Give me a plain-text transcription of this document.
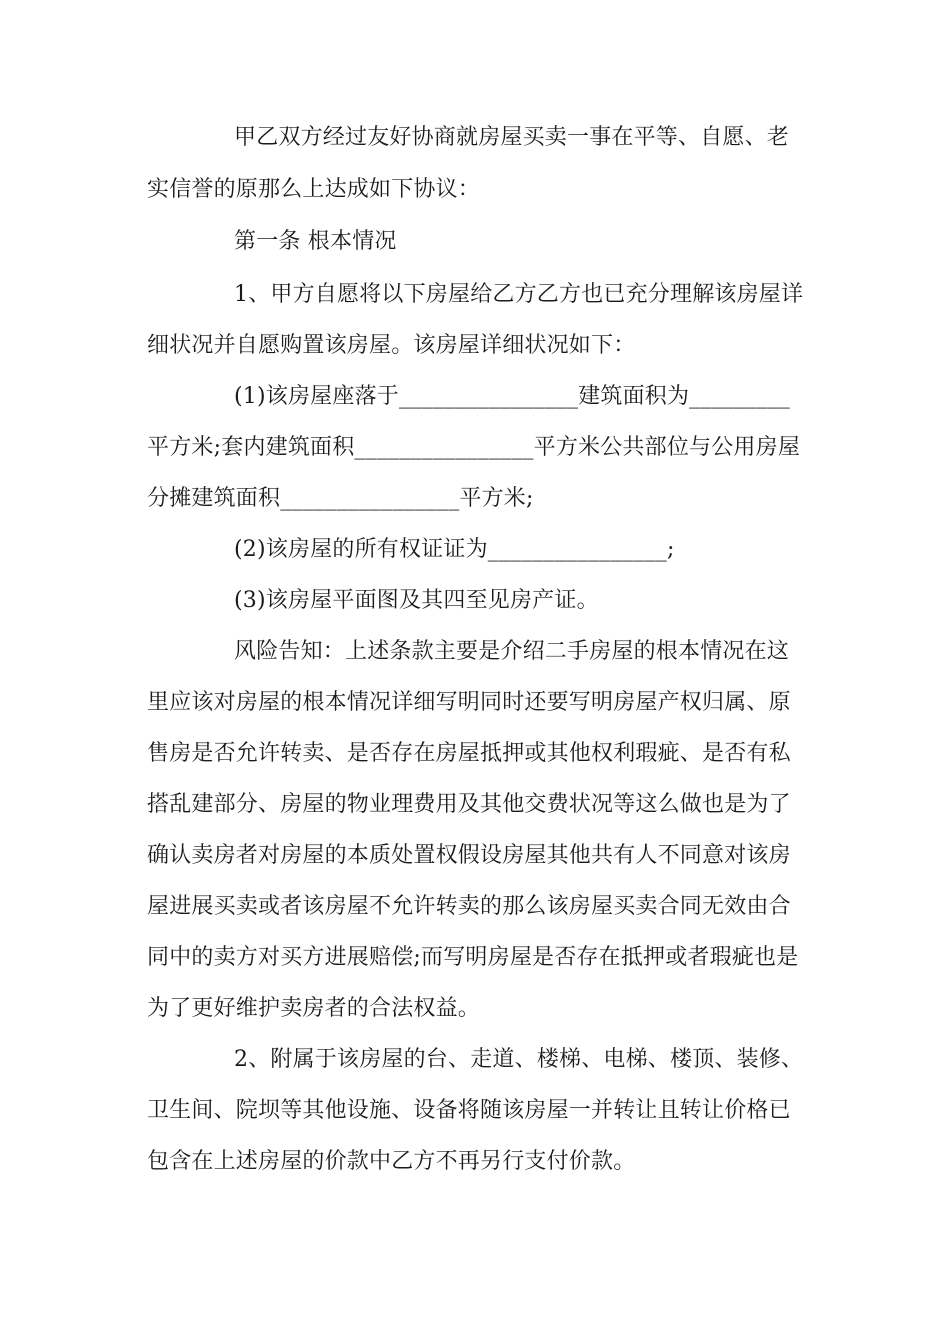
甲乙双方经过友好协商就房屋买卖一事在平等、自愿、老
实信誉的原那么上达成如下协议：
第一条 根本情况
1、甲方自愿将以下房屋给乙方乙方也已充分理解该房屋详
细状况并自愿购置该房屋。该房屋详细状况如下：
(1)该房屋座落于________________建筑面积为_________
平方米;套内建筑面积________________平方米公共部位与公用房屋
分摊建筑面积________________平方米;
(2)该房屋的所有权证证为________________;
(3)该房屋平面图及其四至见房产证。
风险告知：上述条款主要是介绍二手房屋的根本情况在这
里应该对房屋的根本情况详细写明同时还要写明房屋产权归属、原
售房是否允许转卖、是否存在房屋抵押或其他权利瑕疵、是否有私
搭乱建部分、房屋的物业理费用及其他交费状况等这么做也是为了
确认卖房者对房屋的本质处置权假设房屋其他共有人不同意对该房
屋进展买卖或者该房屋不允许转卖的那么该房屋买卖合同无效由合
同中的卖方对买方进展赔偿;而写明房屋是否存在抵押或者瑕疵也是
为了更好维护卖房者的合法权益。
2、附属于该房屋的台、走道、楼梯、电梯、楼顶、装修、
卫生间、院坝等其他设施、设备将随该房屋一并转让且转让价格已
包含在上述房屋的价款中乙方不再另行支付价款。
